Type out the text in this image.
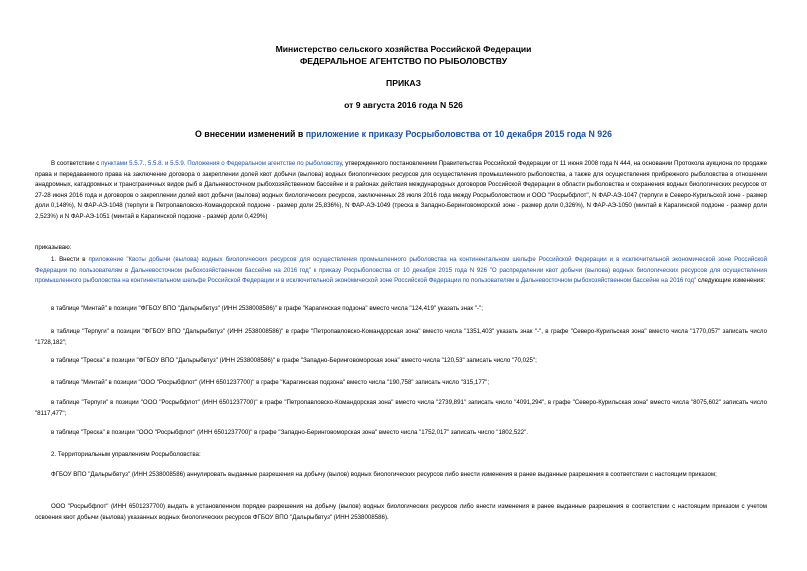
Министерство сельского хозяйства Российской Федерации
ФЕДЕРАЛЬНОЕ АГЕНТСТВО ПО РЫБОЛОВСТВУ
ПРИКАЗ
от 9 августа 2016 года N 526
О внесении изменений в приложение к приказу Росрыболовства от 10 декабря 2015 года N 926
В соответствии с пунктами 5.5.7., 5.5.8. и 5.5.9. Положения о Федеральном агентстве по рыболовству, утвержденного постановлением Правительства Российской Федерации от 11 июня 2008 года N 444, на основании Протокола аукциона по продаже права и передаваемого права на заключение договора о закреплении долей квот добычи (вылова) водных биологических ресурсов для осуществления промышленного рыболовства, а также для осуществления прибрежного рыболовства в отношении анадромных, катадромных и трансграничных видов рыб в Дальневосточном рыбохозяйственном бассейне и в районах действия международных договоров Российской Федерации в области рыболовства и сохранения водных биологических ресурсов от 27-28 июня 2016 года и договоров о закреплении долей квот добычи (вылова) водных биологических ресурсов, заключенных 28 июля 2016 года между Росрыболовством и ООО "Росрыбфлот", N ФАР-АЭ-1047 (терпуги в Северо-Курильской зоне - размер доли 0,148%), N ФАР-АЭ-1048 (терпуги в Петропавловско-Командорской подзоне - размер доли 25,836%), N ФАР-АЭ-1049 (треска в Западно-Беринговоморской зоне - размер доли 0,326%), N ФАР-АЭ-1050 (минтай в Карагинской подзоне - размер доли 2,523%) и N ФАР-АЭ-1051 (минтай в Карагинской подзоне - размер доли 0,429%)
приказываю:
1. Внести в приложение "Квоты добычи (вылова) водных биологических ресурсов для осуществления промышленного рыболовства на континентальном шельфе Российской Федерации и в исключительной экономической зоне Российской Федерации по пользователям в Дальневосточном рыбохозяйственном бассейне на 2016 год" к приказу Росрыболовства от 10 декабря 2015 года N 926 "О распределении квот добычи (вылова) водных биологических ресурсов для осуществления промышленного рыболовства на континентальном шельфе Российской Федерации и в исключительной экономической зоне Российской Федерации по пользователям в Дальневосточном рыбохозяйственном бассейне на 2016 год" следующие изменения:
в таблице "Минтай" в позиции "ФГБОУ ВПО "Дальрыбвтуз" (ИНН 2538008586)" в графе "Карагинская подзона" вместо числа "124,419" указать знак "-";
в таблице "Терпуги" в позиции "ФГБОУ ВПО "Дальрыбвтуз" (ИНН 2538008586)" в графе "Петропавловско-Командорская зона" вместо числа "1351,403" указать знак "-", в графе "Северо-Курильская зона" вместо числа "1770,057" записать число "1728,182";
в таблице "Треска" в позиции "ФГБОУ ВПО "Дальрыбвтуз" (ИНН 2538008586)" в графе "Западно-Беринговоморская зона" вместо числа "120,53" записать число "70,025";
в таблице "Минтай" в позиции "ООО "Росрыбфлот" (ИНН 6501237700)" в графе "Карагинская подзона" вместо числа "190,758" записать число "315,177";
в таблице "Терпуги" в позиции "ООО "Росрыбфлот" (ИНН 6501237700)" в графе "Петропавловско-Командорская зона" вместо числа "2739,891" записать число "4091,294", в графе "Северо-Курильская зона" вместо числа "8075,602" записать число "8117,477";
в таблице "Треска" в позиции "ООО "Росрыбфлот" (ИНН 6501237700)" в графе "Западно-Беринговоморская зона" вместо числа "1752,017" записать число "1802,522".
2. Территориальным управлениям Росрыболовства:
ФГБОУ ВПО "Дальрыбвтуз" (ИНН 2538008586) аннулировать выданные разрешения на добычу (вылов) водных биологических ресурсов либо внести изменения в ранее выданные разрешения в соответствии с настоящим приказом;
ООО "Росрыбфлот" (ИНН 6501237700) выдать в установленном порядке разрешения на добычу (вылов) водных биологических ресурсов либо внести изменения в ранее выданные разрешения в соответствии с настоящим приказом с учетом освоения квот добычи (вылова) указанных водных биологических ресурсов ФГБОУ ВПО "Дальрыбвтуз" (ИНН 2538008586).
